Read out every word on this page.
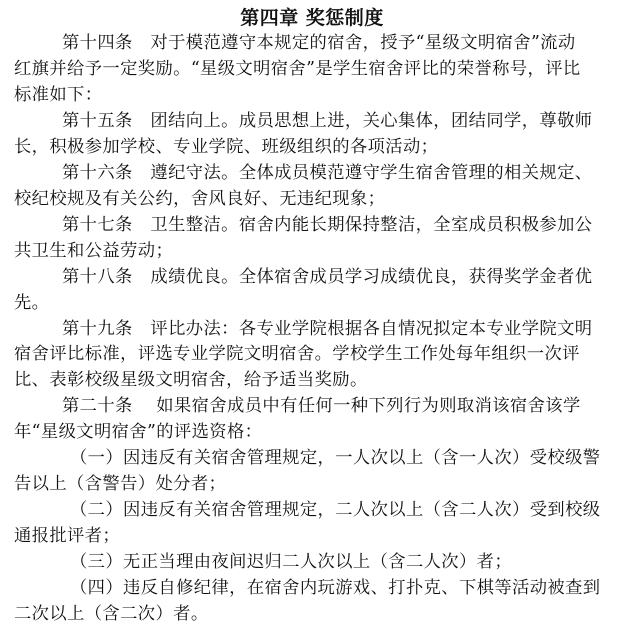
第四章 奖惩制度
第十四条　对于模范遵守本规定的宿舍，授予“星级文明宿舍”流动
红旗并给予一定奖励。“星级文明宿舍”是学生宿舍评比的荣誉称号，评比
标准如下：
第十五条　团结向上。成员思想上进，关心集体，团结同学，尊敬师
长，积极参加学校、专业学院、班级组织的各项活动；
第十六条　遵纪守法。全体成员模范遵守学生宿舍管理的相关规定、
校纪校规及有关公约，舍风良好、无违纪现象；
第十七条　卫生整洁。宿舍内能长期保持整洁，全室成员积极参加公
共卫生和公益劳动；
第十八条　成绩优良。全体宿舍成员学习成绩优良，获得奖学金者优
先。
第十九条　评比办法：各专业学院根据各自情况拟定本专业学院文明
宿舍评比标准，评选专业学院文明宿舍。学校学生工作处每年组织一次评
比、表彰校级星级文明宿舍，给予适当奖励。
第二十条　 如果宿舍成员中有任何一种下列行为则取消该宿舍该学
年“星级文明宿舍”的评选资格：
（一）因违反有关宿舍管理规定，一人次以上（含一人次）受校级警
告以上（含警告）处分者；
（二）因违反有关宿舍管理规定，二人次以上（含二人次）受到校级
通报批评者；
（三）无正当理由夜间迟归二人次以上（含二人次）者；
（四）违反自修纪律，在宿舍内玩游戏、打扑克、下棋等活动被查到
二次以上（含二次）者。
